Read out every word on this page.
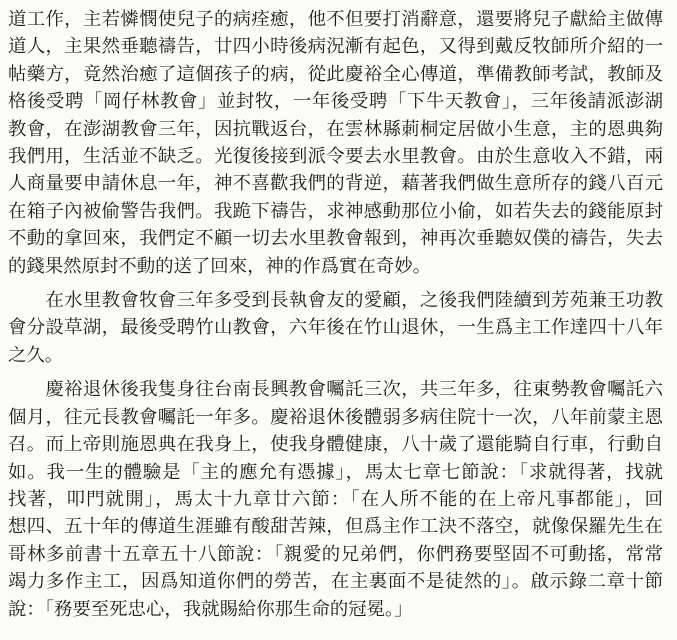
道工作，主若憐憫使兒子的病痊癒，他不但要打消辭意，還要將兒子獻給主做傳

道人，主果然垂聽禱告，廿四小時後病況漸有起色，又得到戴反牧師所介紹的一

帖藥方，竟然治癒了這個孩子的病，從此慶裕全心傳道，準備教師考試，教師及

格後受聘「岡仔林教會」並封牧，一年後受聘「下牛天教會」，三年後請派澎湖

教會，在澎湖教會三年，因抗戰返台，在雲林縣莿桐定居做小生意，主的恩典夠

我們用，生活並不缺乏。光復後接到派令要去水里教會。由於生意收入不錯，兩

人商量要申請休息一年，神不喜歡我們的背逆，藉著我們做生意所存的錢八百元

在箱子內被偷警告我們。我跪下禱告，求神感動那位小偷，如若失去的錢能原封

不動的拿回來，我們定不顧一切去水里教會報到，神再次垂聽奴僕的禱告，失去

的錢果然原封不動的送了回來，神的作爲實在奇妙。

　　在水里教會牧會三年多受到長執會友的愛顧，之後我們陸續到芳苑兼王功教

會分設草湖，最後受聘竹山教會，六年後在竹山退休，一生爲主工作達四十八年

之久。

　　慶裕退休後我隻身往台南長興教會囑託三次，共三年多，往東勢教會囑託六

個月，往元長教會囑託一年多。慶裕退休後體弱多病住院十一次，八年前蒙主恩

召。而上帝則施恩典在我身上，使我身體健康，八十歲了還能騎自行車，行動自

如。我一生的體驗是「主的應允有憑據」，馬太七章七節說：「求就得著，找就

找著，叩門就開」，馬太十九章廿六節：「在人所不能的在上帝凡事都能」，回

想四、五十年的傳道生涯雖有酸甜苦辣，但爲主作工決不落空，就像保羅先生在

哥林多前書十五章五十八節說：「親愛的兄弟們，你們務要堅固不可動搖，常常

竭力多作主工，因爲知道你們的勞苦，在主裏面不是徒然的」。啟示錄二章十節

說：「務要至死忠心，我就賜給你那生命的冠冕。」
